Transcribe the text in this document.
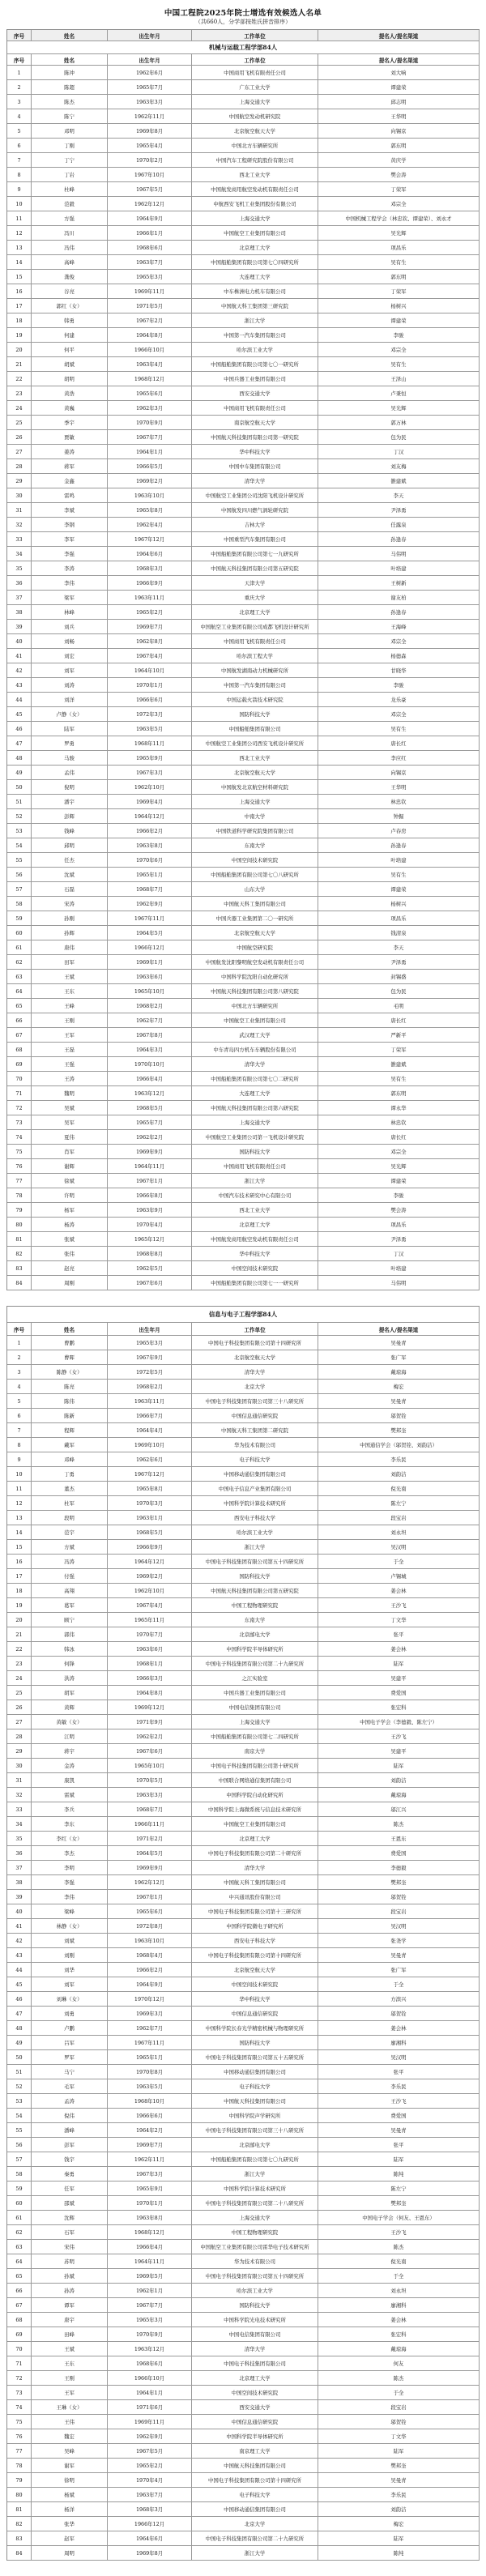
中国工程院2025年院士增选有效候选人名单
（共660人，分学部按姓氏拼音排序）
序号	姓名	出生年月	工作单位	提名人/提名渠道
机械与运载工程学部84人
序号	姓名	出生年月	工作单位	提名人/提名渠道
1	陈冲	1962年6月	中国商用飞机有限责任公司	刘大响
2	陈超	1965年7月	广东工业大学	谭建荣
3	陈杰	1963年3月	上海交通大学	邱志明
4	陈宁	1962年11月	中国航空发动机研究院	王华明
5	邓明	1969年8月	北京航空航天大学	向锡京
6	丁刚	1965年4月	中国北方车辆研究所	郭东明
7	丁宁	1970年2月	中国汽车工程研究院股份有限公司	黄庆学
8	丁岩	1967年10月	西北工业大学	樊会涛
9	杜峰	1967年5月	中国航发商用航空发动机有限责任公司	丁荣军
10	范毅	1962年12月	中航西安飞机工业集团股份有限公司	邓宗全
11	方强	1964年9月	上海交通大学	中国机械工程学会（林忠钦、谭建荣）、刘永才
12	冯川	1966年1月	中国航空工业集团有限公司	吴光辉
13	冯伟	1968年6月	北京理工大学	项昌乐
14	高峰	1963年7月	中国船舶集团有限公司第七〇四研究所	吴有生
15	龚俊	1965年3月	大连理工大学	郭东明
16	谷亮	1969年11月	中车株洲电力机车有限公司	丁荣军
17	郭红（女）	1971年5月	中国航天科工集团第三研究院	杨树兴
18	韩勇	1967年2月	浙江大学	谭建荣
19	何建	1964年8月	中国第一汽车集团有限公司	李骏
20	何平	1966年10月	哈尔滨工业大学	邓宗全
21	胡斌	1963年4月	中国船舶集团有限公司第七〇一研究所	吴有生
22	胡明	1968年12月	中国兵器工业集团有限公司	王泽山
23	黄浩	1965年6月	西安交通大学	卢秉恒
24	黄巍	1962年3月	中国商用飞机有限责任公司	吴光辉
25	季宇	1970年9月	南京航空航天大学	郭万林
26	贾敏	1967年7月	中国航天科技集团有限公司第一研究院	包为民
27	姜涛	1964年1月	华中科技大学	丁汉
28	蒋军	1966年5月	中国中车集团有限公司	刘友梅
29	金鑫	1969年2月	清华大学	雒建斌
30	雷鸣	1963年10月	中国航空工业集团公司沈阳飞机设计研究所	李天
31	李斌	1965年8月	中国航发四川燃气涡轮研究院	尹泽勇
32	李钢	1962年4月	吉林大学	任露泉
33	李军	1967年12月	中国重型汽车集团有限公司	孙逢春
34	李强	1964年6月	中国船舶集团有限公司第七一九研究所	马伟明
35	李涛	1968年3月	中国航天科技集团有限公司第五研究院	叶培建
36	李伟	1966年9月	天津大学	王树新
37	梁军	1963年11月	重庆大学	谢友柏
38	林峰	1965年2月	北京理工大学	孙逢春
39	刘兵	1969年7月	中国航空工业集团有限公司成都飞机设计研究所	王海峰
40	刘畅	1962年8月	中国商用飞机有限责任公司	邓宗全
41	刘宏	1967年4月	哈尔滨工程大学	杨德森
42	刘军	1964年10月	中国航发湖南动力机械研究所	甘晓华
43	刘涛	1970年1月	中国第一汽车集团有限公司	李骏
44	刘洋	1966年6月	中国运载火箭技术研究院	龙乐豪
45	卢静（女）	1972年3月	国防科技大学	邓宗全
46	陆军	1963年5月	中国船舶集团有限公司	吴有生
47	罗勇	1968年11月	中国航空工业集团公司西安飞机设计研究所	唐长红
48	马骏	1965年9月	西北工业大学	李应红
49	孟伟	1967年3月	北京航空航天大学	向锡京
50	倪明	1962年10月	中国航发北京航空材料研究院	王华明
51	潘宇	1969年4月	上海交通大学	林忠钦
52	彭辉	1964年12月	中南大学	钟掘
53	钱峰	1966年2月	中国铁道科学研究院集团有限公司	卢春房
54	邱明	1963年8月	东南大学	孙逢春
55	任杰	1970年6月	中国空间技术研究院	叶培建
56	沈斌	1965年1月	中国船舶集团有限公司第七〇八研究所	吴有生
57	石磊	1968年7月	山东大学	谭建荣
58	宋涛	1962年9月	中国航天科工集团有限公司	杨树兴
59	孙刚	1967年11月	中国兵器工业集团第二〇一研究所	项昌乐
60	孙辉	1964年5月	北京航空航天大学	钱清泉
61	唐伟	1966年12月	中国航空研究院	李天
62	田军	1969年1月	中国航发沈阳黎明航空发动机有限责任公司	尹泽勇
63	王斌	1963年6月	中国科学院沈阳自动化研究所	封锡盛
64	王东	1965年10月	中国航天科技集团有限公司第八研究院	包为民
65	王峰	1968年2月	中国北方车辆研究所	毛明
66	王刚	1962年7月	中国航空工业集团有限公司	唐长红
67	王军	1967年8月	武汉理工大学	严新平
68	王磊	1964年3月	中车青岛四方机车车辆股份有限公司	丁荣军
69	王强	1970年10月	清华大学	雒建斌
70	王涛	1966年4月	中国船舶集团有限公司第七〇二研究所	吴有生
71	魏明	1963年12月	大连理工大学	郭东明
72	吴斌	1968年5月	中国航天科技集团有限公司第六研究院	谭永华
73	吴军	1965年7月	上海交通大学	林忠钦
74	夏伟	1962年2月	中国航空工业集团公司第一飞机设计研究院	唐长红
75	肖军	1969年9月	国防科技大学	邓宗全
76	谢辉	1964年11月	中国商用飞机有限责任公司	吴光辉
77	徐斌	1967年1月	浙江大学	谭建荣
78	许明	1966年8月	中国汽车技术研究中心有限公司	李骏
79	杨军	1963年9月	西北工业大学	樊会涛
80	杨涛	1970年4月	北京理工大学	项昌乐
81	张斌	1965年12月	中国航发商用航空发动机有限责任公司	尹泽勇
82	张伟	1968年8月	华中科技大学	丁汉
83	赵亮	1962年5月	中国空间技术研究院	叶培建
84	周刚	1967年6月	中国船舶集团有限公司第七一一研究所	马伟明
信息与电子工程学部84人
序号	姓名	出生年月	工作单位	提名人/提名渠道
1	曹鹏	1965年3月	中国电子科技集团有限公司第十四研究所	吴曼青
2	曹晖	1967年9月	北京航空航天大学	张广军
3	陈静（女）	1972年5月	清华大学	戴琼海
4	陈亮	1968年2月	北京大学	梅宏
5	陈伟	1963年11月	中国电子科技集团有限公司第三十八研究所	吴曼青
6	陈新	1966年7月	中国信息通信研究院	邬贺铨
7	程辉	1964年4月	中国航天科工集团第二研究院	樊邦奎
8	戴军	1969年10月	华为技术有限公司	中国通信学会（邬贺铨、刘韵洁）
9	邓峰	1962年6月	电子科技大学	李乐民
10	丁勇	1967年12月	中国移动通信集团有限公司	刘韵洁
11	董杰	1965年8月	中国电子信息产业集团有限公司	倪光南
12	杜军	1970年3月	中国科学院计算技术研究所	陈左宁
13	段明	1963年1月	西安电子科技大学	段宝岩
14	范宇	1968年5月	哈尔滨工业大学	刘永坦
15	方斌	1966年9月	浙江大学	吴汉明
16	冯涛	1964年12月	中国电子科技集团有限公司第五十四研究所	于全
17	付强	1969年2月	国防科技大学	卢锡城
18	高翔	1962年10月	中国航天科技集团有限公司第五研究院	姜会林
19	葛军	1967年4月	中国工程物理研究院	王沙飞
20	顾宁	1965年11月	东南大学	丁文华
21	郭伟	1970年7月	北京邮电大学	张平
22	韩冰	1963年6月	中国科学院半导体研究所	姜会林
23	何锋	1968年1月	中国电子科技集团有限公司第二十九研究所	陆军
24	洪涛	1966年3月	之江实验室	吴建平
25	胡军	1964年8月	中国兵器工业集团有限公司	费爱国
26	黄辉	1969年12月	中国电信集团有限公司	张宏科
27	黄敏（女）	1971年9月	上海交通大学	中国电子学会（李德毅、陈左宁）
28	江明	1962年2月	中国船舶集团有限公司第七二四研究所	王沙飞
29	蒋宇	1967年6月	南京大学	吴建平
30	金涛	1965年10月	中国电子科技集团有限公司第十研究所	陆军
31	康凯	1970年5月	中国联合网络通信集团有限公司	刘韵洁
32	雷斌	1963年3月	中国科学院自动化研究所	戴琼海
33	李兵	1968年7月	中国科学院上海微系统与信息技术研究所	邬江兴
34	李东	1966年11月	中国航空工业集团有限公司	陈杰
35	李红（女）	1971年2月	北京理工大学	王恩东
36	李杰	1964年5月	中国电子科技集团有限公司第二十研究所	费爱国
37	李明	1969年9月	清华大学	李德毅
38	李强	1962年12月	中国航天科工集团有限公司	樊邦奎
39	李伟	1967年1月	中兴通讯股份有限公司	邬贺铨
40	梁峰	1965年6月	中国电子科技集团有限公司第十三研究所	段宝岩
41	林静（女）	1972年8月	中国科学院微电子研究所	吴汉明
42	刘斌	1963年10月	西安电子科技大学	张尧学
43	刘刚	1968年4月	中国电子科技集团有限公司第十四研究所	吴曼青
44	刘华	1966年2月	北京航空航天大学	张广军
45	刘军	1964年9月	中国空间技术研究院	于全
46	刘琳（女）	1970年12月	华中科技大学	方滨兴
47	刘勇	1969年3月	中国信息通信研究院	邬贺铨
48	卢鹏	1962年7月	中国科学院长春光学精密机械与物理研究所	姜会林
49	吕军	1967年11月	国防科技大学	廖湘科
50	罗军	1965年1月	中国电子科技集团有限公司第五十五研究所	吴汉明
51	马宁	1970年8月	中国移动通信集团有限公司	张平
52	毛军	1963年5月	电子科技大学	李乐民
53	孟涛	1968年10月	中国航天科技集团有限公司	王沙飞
54	倪伟	1966年6月	中国科学院声学研究所	费爱国
55	潘峰	1964年2月	中国电子科技集团有限公司第三十八研究所	吴曼青
56	彭军	1969年7月	北京邮电大学	张平
57	钱宇	1962年11月	中国船舶集团有限公司第七〇九研究所	陆军
58	秦勇	1967年3月	浙江大学	陈纯
59	任军	1965年9月	中国科学院计算技术研究所	陈左宁
60	邵斌	1970年1月	中国电子科技集团有限公司第二十八研究所	樊邦奎
61	沈辉	1963年8月	上海交通大学	中国电子学会（何友、王恩东）
62	石军	1968年12月	中国工程物理研究院	王沙飞
63	宋伟	1966年4月	中国航空工业集团有限公司雷华电子技术研究所	陈杰
64	苏明	1964年11月	华为技术有限公司	倪光南
65	孙斌	1969年5月	中国电子科技集团有限公司第五十四研究所	于全
66	孙涛	1962年1月	哈尔滨工业大学	刘永坦
67	谭军	1967年7月	国防科技大学	廖湘科
68	唐宇	1965年3月	中国科学院光电技术研究所	姜会林
69	田峰	1970年9月	中国电信集团有限公司	张宏科
70	王斌	1963年12月	清华大学	戴琼海
71	王东	1968年6月	中国电子科技集团有限公司	何友
72	王刚	1966年10月	北京理工大学	陈杰
73	王军	1964年1月	中国空间技术研究院	于全
74	王琳（女）	1971年6月	西安交通大学	段宝岩
75	王伟	1969年11月	中国信息通信研究院	邬贺铨
76	魏宏	1962年9月	中国科学院半导体研究所	丁文华
77	吴峰	1967年5月	南京理工大学	陆军
78	谢军	1965年2月	中国航天科技集团有限公司	樊邦奎
79	徐明	1970年4月	中国电子科技集团有限公司第十四研究所	吴曼青
80	杨斌	1963年7月	电子科技大学	李乐民
81	杨洋	1968年3月	中国移动通信集团有限公司	刘韵洁
82	张华	1966年12月	北京大学	梅宏
83	赵军	1964年6月	中国电子科技集团有限公司第二十九研究所	陆军
84	周明	1969年8月	浙江大学	陈纯
